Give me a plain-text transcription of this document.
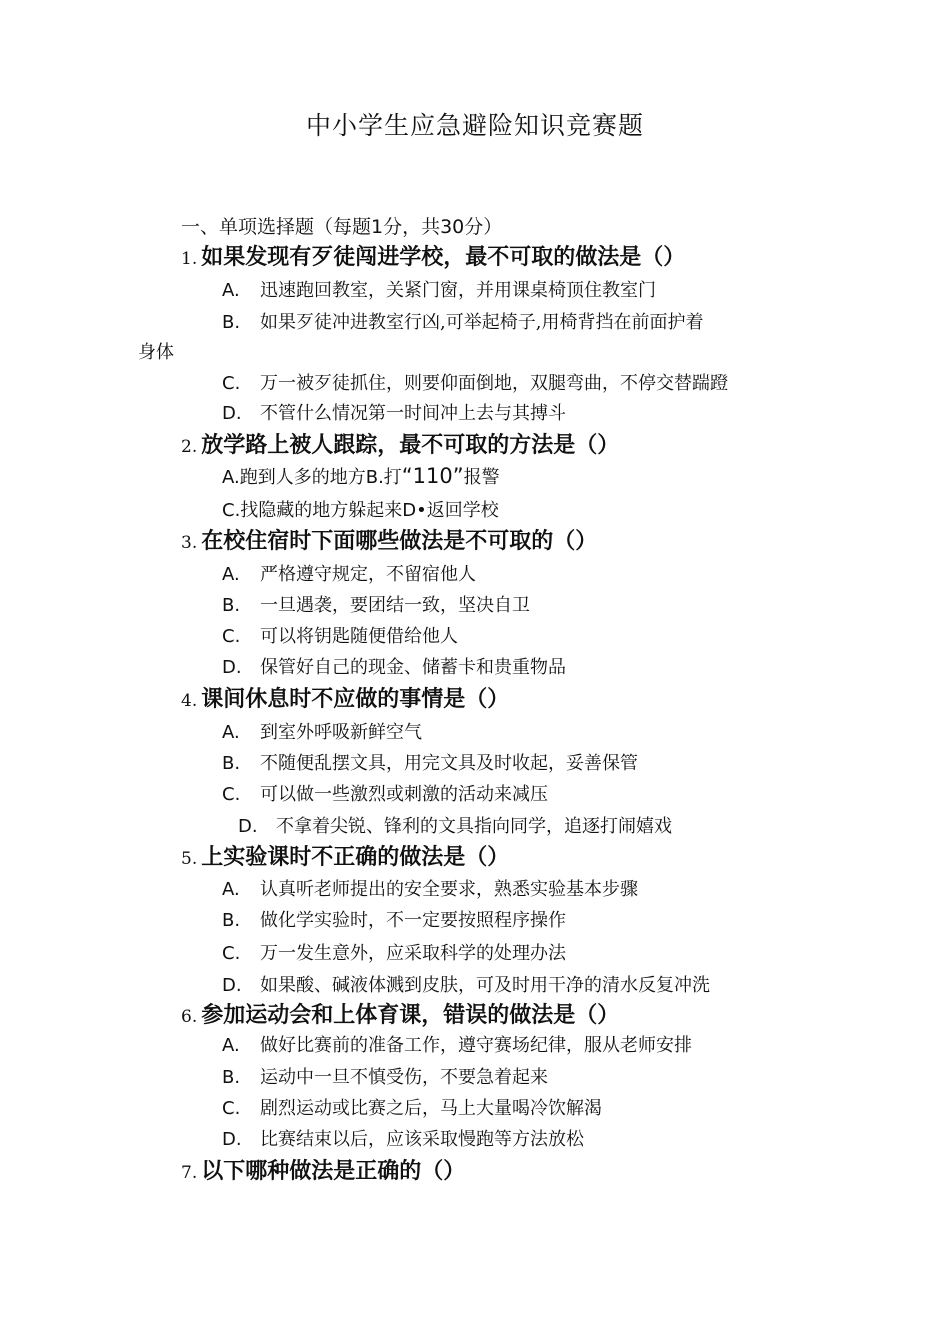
中小学生应急避险知识竞赛题
一、单项选择题（每题1分，共30分）
1. 如果发现有歹徒闯进学校，最不可取的做法是（）
A. 迅速跑回教室，关紧门窗，并用课桌椅顶住教室门
B. 如果歹徒冲进教室行凶,可举起椅子,用椅背挡在前面护着
身体
C. 万一被歹徒抓住，则要仰面倒地，双腿弯曲，不停交替踹蹬
D. 不管什么情况第一时间冲上去与其搏斗
2. 放学路上被人跟踪，最不可取的方法是（）
A.跑到人多的地方B.打“110”报警
C.找隐藏的地方躲起来D•返回学校
3. 在校住宿时下面哪些做法是不可取的（）
A. 严格遵守规定，不留宿他人
B. 一旦遇袭，要团结一致，坚决自卫
C. 可以将钥匙随便借给他人
D. 保管好自己的现金、储蓄卡和贵重物品
4. 课间休息时不应做的事情是（）
A. 到室外呼吸新鲜空气
B. 不随便乱摆文具，用完文具及时收起，妥善保管
C. 可以做一些激烈或刺激的活动来减压
D. 不拿着尖锐、锋利的文具指向同学，追逐打闹嬉戏
5. 上实验课时不正确的做法是（）
A. 认真听老师提出的安全要求，熟悉实验基本步骤
B. 做化学实验时，不一定要按照程序操作
C. 万一发生意外，应采取科学的处理办法
D. 如果酸、碱液体溅到皮肤，可及时用干净的清水反复冲洗
6. 参加运动会和上体育课，错误的做法是（）
A. 做好比赛前的准备工作，遵守赛场纪律，服从老师安排
B. 运动中一旦不慎受伤，不要急着起来
C. 剧烈运动或比赛之后，马上大量喝冷饮解渴
D. 比赛结束以后，应该采取慢跑等方法放松
7. 以下哪种做法是正确的（）
